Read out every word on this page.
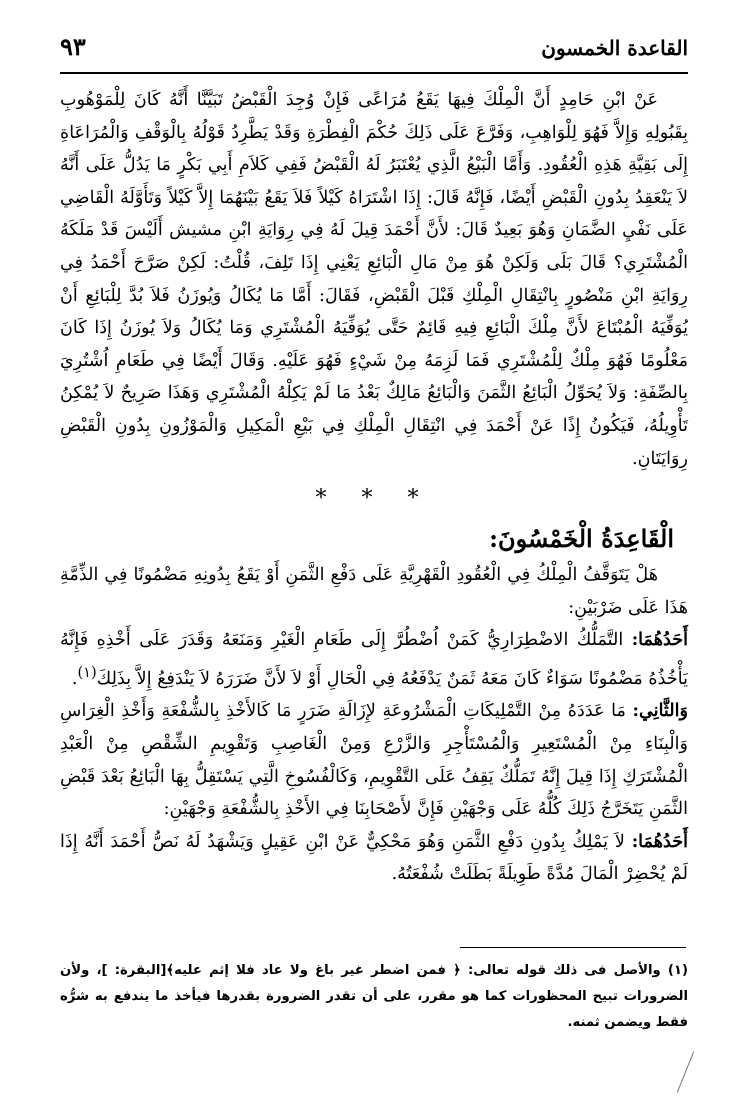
القاعدة الخمسون
٩٣

عَنْ ابْنِ حَامِدٍ أَنَّ الْمِلْكَ فِيهَا يَقَعُ مُرَاعًى فَإِنْ وُجِدَ الْقَبْضُ تَبَيَّنَّا أَنَّهُ كَانَ لِلْمَوْهُوبِ بِقَبُولِهِ وَإِلاَّ فَهُوَ لِلْوَاهِبِ، وَفَرَّعَ عَلَى ذَلِكَ حُكْمَ الْفِطْرَةِ وَقَدْ يَطَّرِدُ قَوْلُهُ بِالْوَقْفِ وَالْمُرَاعَاةِ إِلَى بَقِيَّةِ هَذِهِ الْعُقُودِ. وَأَمَّا الْبَيْعُ الَّذِي يُعْتَبَرُ لَهُ الْقَبْضُ فَفِي كَلاَمِ أَبِي بَكْرٍ مَا يَدُلُّ عَلَى أَنَّهُ لاَ يَنْعَقِدُ بِدُونِ الْقَبْضِ أَيْضًا، فَإِنَّهُ قَالَ: إِذَا اشْتَرَاهُ كَيْلاً فَلاَ يَقَعُ بَيْنَهُمَا إِلاَّ كَيْلاً وَتَأَوَّلَهُ الْقَاضِي عَلَى نَفْيِ الضَّمَانِ وَهُوَ بَعِيدٌ قَالَ: لأَنَّ أَحْمَدَ قِيلَ لَهُ فِي رِوَايَةِ ابْنِ مشيش أَلَيْسَ قَدْ مَلَكَهُ الْمُشْتَرِي؟ قَالَ بَلَى وَلَكِنْ هُوَ مِنْ مَالِ الْبَائِعِ يَعْنِي إِذَا تَلِفَ، قُلْتُ: لَكِنْ صَرَّحَ أَحْمَدُ فِي رِوَايَةِ ابْنِ مَنْصُورٍ بِانْتِقَالِ الْمِلْكِ قَبْلَ الْقَبْضِ، فَقَالَ: أَمَّا مَا يُكَالُ وَيُوزَنُ فَلاَ بُدَّ لِلْبَائِعِ أَنْ يُوَفِّيَهُ الْمُبْتَاعَ لأَنَّ مِلْكَ الْبَائِعِ فِيهِ قَائِمٌ حَتَّى يُوَفِّيَهُ الْمُشْتَرِي وَمَا يُكَالُ وَلاَ يُوزَنُ إِذَا كَانَ مَعْلُومًا فَهُوَ مِلْكٌ لِلْمُشْتَرِي فَمَا لَزِمَهُ مِنْ شَيْءٍ فَهُوَ عَلَيْهِ. وَقَالَ أَيْضًا فِي طَعَامِ اُشْتُرِيَ بِالصِّفَةِ: وَلاَ يُحَوِّلُ الْبَائِعُ الثَّمَنَ وَالْبَائِعُ مَالِكٌ بَعْدُ مَا لَمْ يَكِلْهُ الْمُشْتَرِي وَهَذَا صَرِيحٌ لاَ يُمْكِنُ تَأْوِيلُهُ، فَيَكُونُ إِذًا عَنْ أَحْمَدَ فِي انْتِقَالِ الْمِلْكِ فِي بَيْعِ الْمَكِيلِ وَالْمَوْزُونِ بِدُونِ الْقَبْضِ رِوَايَتَانِ.

* * *

الْقَاعِدَةُ الْخَمْسُونَ:

هَلْ يَتَوَقَّفُ الْمِلْكُ فِي الْعُقُودِ الْقَهْرِيَّةِ عَلَى دَفْعِ الثَّمَنِ أَوْ يَقَعُ بِدُونِهِ مَضْمُونًا فِي الذِّمَّةِ هَذَا عَلَى ضَرْبَيْنِ:

أَحَدُهُمَا: التَّمَلُّكُ الاضْطِرَارِيُّ كَمَنْ اُضْطُرَّ إِلَى طَعَامِ الْغَيْرِ وَمَنَعَهُ وَقَدَرَ عَلَى أَخْذِهِ فَإِنَّهُ يَأْخُذُهُ مَضْمُونًا سَوَاءٌ كَانَ مَعَهُ ثَمَنٌ يَدْفَعُهُ فِي الْحَالِ أَوْ لاَ لأَنَّ ضَرَرَهُ لاَ يَنْدَفِعُ إِلاَّ بِذَلِكَ$^{(١)}$.

وَالثَّانِي: مَا عَدَدَهُ مِنْ التَّمْلِيكَاتِ الْمَشْرُوعَةِ لإِزَالَةِ ضَرَرٍ مَا كَالأَخْذِ بِالشُّفْعَةِ وَأَخْذِ الْغِرَاسِ وَالْبِنَاءِ مِنْ الْمُسْتَعِيرِ وَالْمُسْتَأْجِرِ وَالزَّرْعِ وَمِنْ الْغَاصِبِ وَتَقْوِيمِ الشِّقْصِ مِنْ الْعَبْدِ الْمُشْتَرَكِ إِذَا قِيلَ إِنَّهُ تَمَلُّكٌ يَقِفُ عَلَى التَّقْوِيمِ، وَكَالْفُسُوخِ الَّتِي يَسْتَقِلُّ بِهَا الْبَائِعُ بَعْدَ قَبْضِ الثَّمَنِ يَتَخَرَّجُ ذَلِكَ كُلُّهُ عَلَى وَجْهَيْنِ فَإِنَّ لأَصْحَابِنَا فِي الأَخْذِ بِالشُّفْعَةِ وَجْهَيْنِ:

أَحَدُهُمَا: لاَ يَمْلِكُ بِدُونِ دَفْعِ الثَّمَنِ وَهُوَ مَحْكِيٌّ عَنْ ابْنِ عَقِيلٍ وَيَشْهَدُ لَهُ نَصُّ أَحْمَدَ أَنَّهُ إِذَا لَمْ يُحْضِرْ الْمَالَ مُدَّةً طَوِيلَةً بَطَلَتْ شُفْعَتُهُ.

(١) والأصل فى ذلك قوله تعالى: ﴿ فمن اضطر غير باغ ولا عاد فلا إثم عليه﴾[البقرة: ]، ولأن الضرورات تبيح المحظورات كما هو مقرر، على أن تقدر الضرورة بقدرها فيأخذ ما يندفع به شرُّه فقط ويضمن ثمنه.
